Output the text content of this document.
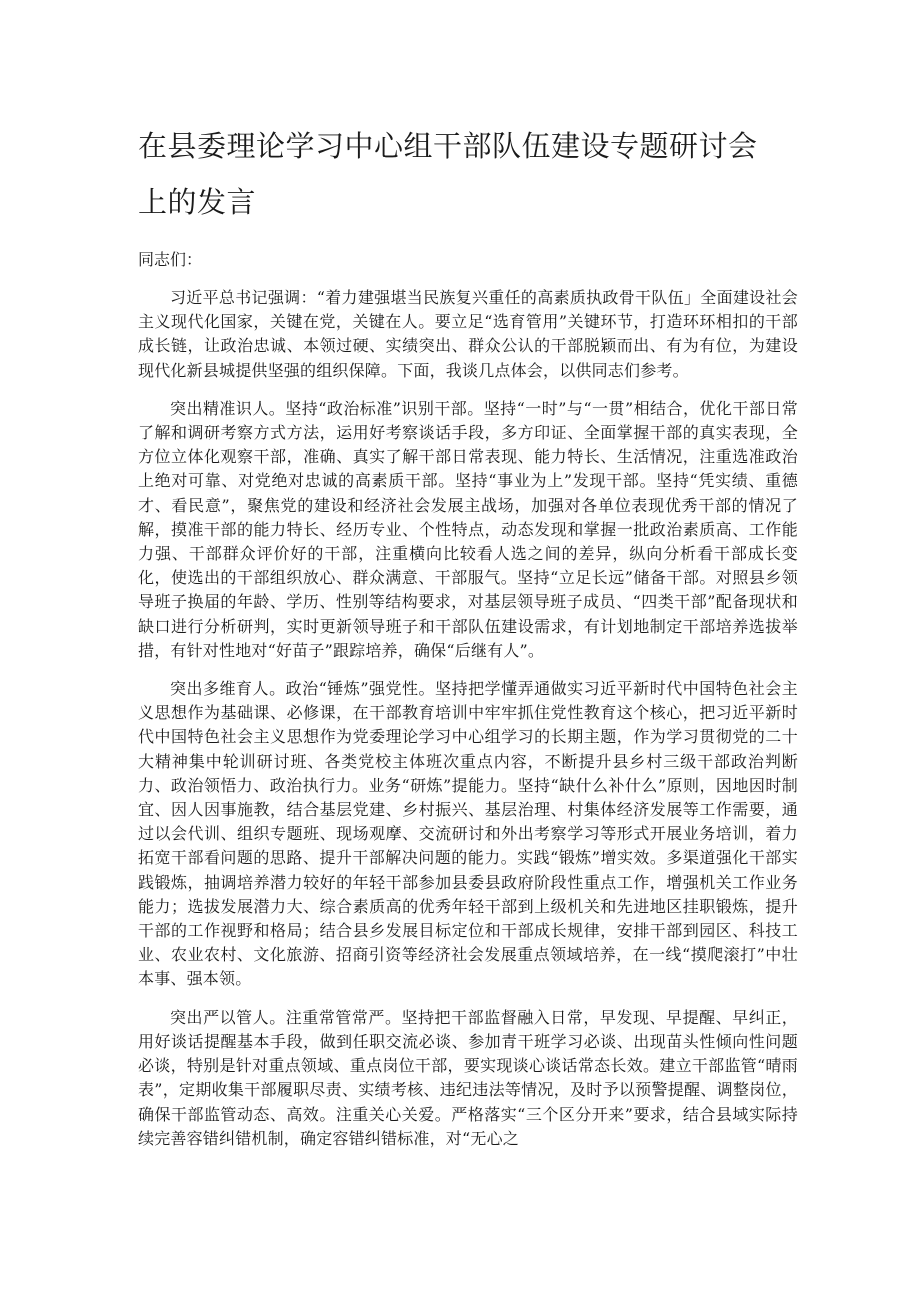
在县委理论学习中心组干部队伍建设专题研讨会上的发言

同志们：

习近平总书记强调：“着力建强堪当民族复兴重任的高素质执政骨干队伍」全面建设社会主义现代化国家，关键在党，关键在人。要立足“选育管用”关键环节，打造环环相扣的干部成长链，让政治忠诚、本领过硬、实绩突出、群众公认的干部脱颖而出、有为有位，为建设现代化新县城提供坚强的组织保障。下面，我谈几点体会，以供同志们参考。

突出精准识人。坚持“政治标准”识别干部。坚持“一时”与“一贯”相结合，优化干部日常了解和调研考察方式方法，运用好考察谈话手段，多方印证、全面掌握干部的真实表现，全方位立体化观察干部，准确、真实了解干部日常表现、能力特长、生活情况，注重选准政治上绝对可靠、对党绝对忠诚的高素质干部。坚持“事业为上”发现干部。坚持“凭实绩、重德才、看民意”，聚焦党的建设和经济社会发展主战场，加强对各单位表现优秀干部的情况了解，摸准干部的能力特长、经历专业、个性特点，动态发现和掌握一批政治素质高、工作能力强、干部群众评价好的干部，注重横向比较看人选之间的差异，纵向分析看干部成长变化，使选出的干部组织放心、群众满意、干部服气。坚持“立足长远”储备干部。对照县乡领导班子换届的年龄、学历、性别等结构要求，对基层领导班子成员、“四类干部”配备现状和缺口进行分析研判，实时更新领导班子和干部队伍建设需求，有计划地制定干部培养选拔举措，有针对性地对“好苗子”跟踪培养，确保“后继有人”。

突出多维育人。政治“锤炼”强党性。坚持把学懂弄通做实习近平新时代中国特色社会主义思想作为基础课、必修课，在干部教育培训中牢牢抓住党性教育这个核心，把习近平新时代中国特色社会主义思想作为党委理论学习中心组学习的长期主题，作为学习贯彻党的二十大精神集中轮训研讨班、各类党校主体班次重点内容，不断提升县乡村三级干部政治判断力、政治领悟力、政治执行力。业务“研炼”提能力。坚持“缺什么补什么”原则，因地因时制宜、因人因事施教，结合基层党建、乡村振兴、基层治理、村集体经济发展等工作需要，通过以会代训、组织专题班、现场观摩、交流研讨和外出考察学习等形式开展业务培训，着力拓宽干部看问题的思路、提升干部解决问题的能力。实践“锻炼”增实效。多渠道强化干部实践锻炼，抽调培养潜力较好的年轻干部参加县委县政府阶段性重点工作，增强机关工作业务能力；选拔发展潜力大、综合素质高的优秀年轻干部到上级机关和先进地区挂职锻炼，提升干部的工作视野和格局；结合县乡发展目标定位和干部成长规律，安排干部到园区、科技工业、农业农村、文化旅游、招商引资等经济社会发展重点领域培养，在一线“摸爬滚打”中壮本事、强本领。

突出严以管人。注重常管常严。坚持把干部监督融入日常，早发现、早提醒、早纠正，用好谈话提醒基本手段，做到任职交流必谈、参加青干班学习必谈、出现苗头性倾向性问题必谈，特别是针对重点领域、重点岗位干部，要实现谈心谈话常态长效。建立干部监管“晴雨表”，定期收集干部履职尽责、实绩考核、违纪违法等情况，及时予以预警提醒、调整岗位，确保干部监管动态、高效。注重关心关爱。严格落实“三个区分开来”要求，结合县域实际持续完善容错纠错机制，确定容错纠错标准，对“无心之
